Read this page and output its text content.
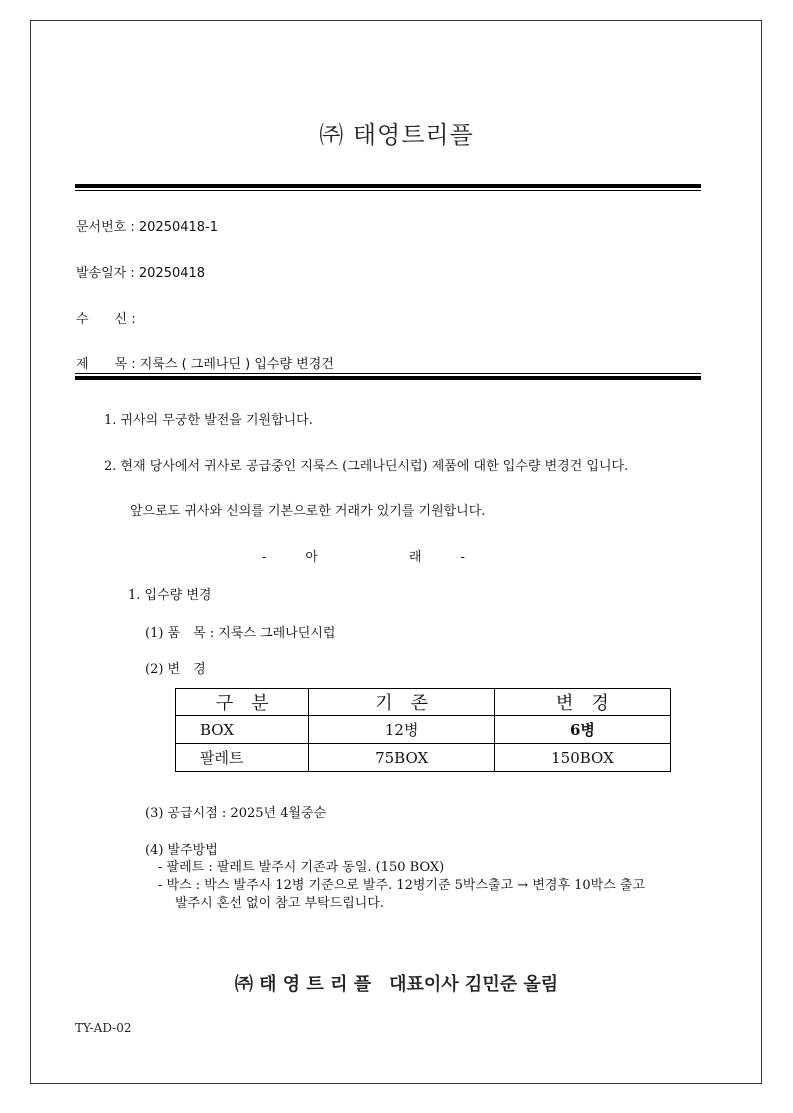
㈜ 태영트리플
문서번호 : 20250418-1
발송일자 : 20250418
수　　신 :
제　　목 : 지룩스 ( 그레나딘 ) 입수량 변경건
1. 귀사의 무궁한 발전을 기원합니다.
2. 현재 당사에서 귀사로 공급중인 지룩스 (그레나딘시럽) 제품에 대한 입수량 변경건 입니다.
앞으로도 귀사와 신의를 기본으로한 거래가 있기를 기원합니다.
-　　　아　　　　　　　래　　　-
1. 입수량 변경
(1) 품　목 : 지룩스 그레나딘시럽
(2) 변　경
구　분	기　존	변　경
BOX	12병	6병
팔레트	75BOX	150BOX
(3) 공급시점 : 2025년 4월중순
(4) 발주방법
- 팔레트 : 팔레트 발주시 기존과 동일. (150 BOX)
- 박스 : 박스 발주시 12병 기준으로 발주. 12병기준 5박스출고 → 변경후 10박스 출고
발주시 혼선 없이 참고 부탁드립니다.
㈜ 태 영 트 리 플　대표이사 김민준 올림
TY-AD-02
